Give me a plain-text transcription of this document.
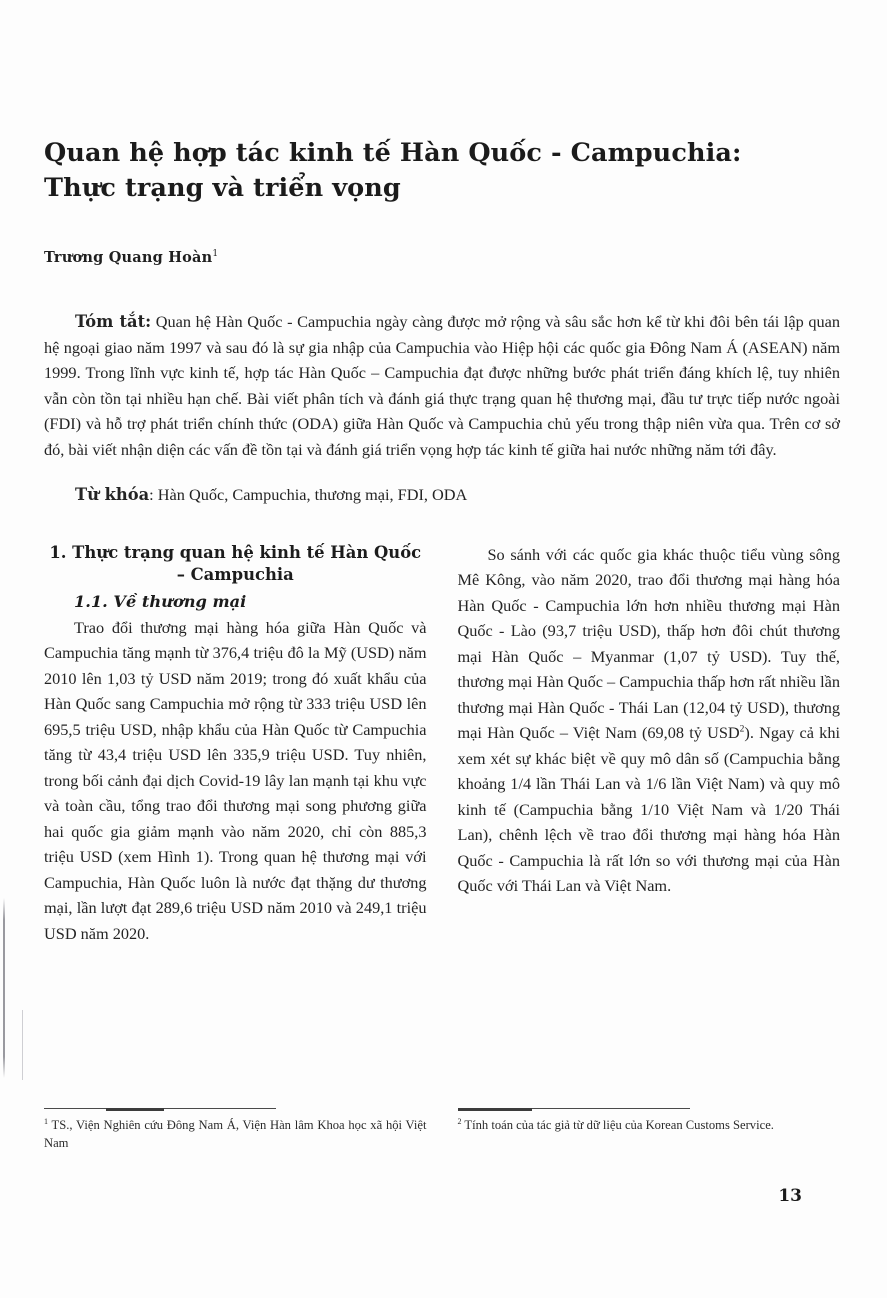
Quan hệ hợp tác kinh tế Hàn Quốc - Campuchia:
Thực trạng và triển vọng

Trương Quang Hoàn$^1$

Tóm tắt: Quan hệ Hàn Quốc - Campuchia ngày càng được mở rộng và sâu sắc hơn kể từ khi đôi bên tái lập quan hệ ngoại giao năm 1997 và sau đó là sự gia nhập của Campuchia vào Hiệp hội các quốc gia Đông Nam Á (ASEAN) năm 1999. Trong lĩnh vực kinh tế, hợp tác Hàn Quốc – Campuchia đạt được những bước phát triển đáng khích lệ, tuy nhiên vẫn còn tồn tại nhiều hạn chế. Bài viết phân tích và đánh giá thực trạng quan hệ thương mại, đầu tư trực tiếp nước ngoài (FDI) và hỗ trợ phát triển chính thức (ODA) giữa Hàn Quốc và Campuchia chủ yếu trong thập niên vừa qua. Trên cơ sở đó, bài viết nhận diện các vấn đề tồn tại và đánh giá triển vọng hợp tác kinh tế giữa hai nước những năm tới đây.

Từ khóa: Hàn Quốc, Campuchia, thương mại, FDI, ODA

1. Thực trạng quan hệ kinh tế Hàn Quốc
– Campuchia
1.1. Về thương mại

Trao đổi thương mại hàng hóa giữa Hàn Quốc và Campuchia tăng mạnh từ 376,4 triệu đô la Mỹ (USD) năm 2010 lên 1,03 tỷ USD năm 2019; trong đó xuất khẩu của Hàn Quốc sang Campuchia mở rộng từ 333 triệu USD lên 695,5 triệu USD, nhập khẩu của Hàn Quốc từ Campuchia tăng từ 43,4 triệu USD lên 335,9 triệu USD. Tuy nhiên, trong bối cảnh đại dịch Covid-19 lây lan mạnh tại khu vực và toàn cầu, tổng trao đổi thương mại song phương giữa hai quốc gia giảm mạnh vào năm 2020, chỉ còn 885,3 triệu USD (xem Hình 1). Trong quan hệ thương mại với Campuchia, Hàn Quốc luôn là nước đạt thặng dư thương mại, lần lượt đạt 289,6 triệu USD năm 2010 và 249,1 triệu USD năm 2020.

So sánh với các quốc gia khác thuộc tiểu vùng sông Mê Kông, vào năm 2020, trao đổi thương mại hàng hóa Hàn Quốc - Campuchia lớn hơn nhiều thương mại Hàn Quốc - Lào (93,7 triệu USD), thấp hơn đôi chút thương mại Hàn Quốc – Myanmar (1,07 tỷ USD). Tuy thế, thương mại Hàn Quốc – Campuchia thấp hơn rất nhiều lần thương mại Hàn Quốc - Thái Lan (12,04 tỷ USD), thương mại Hàn Quốc – Việt Nam (69,08 tỷ USD$^2$). Ngay cả khi xem xét sự khác biệt về quy mô dân số (Campuchia bằng khoảng 1/4 lần Thái Lan và 1/6 lần Việt Nam) và quy mô kinh tế (Campuchia bằng 1/10 Việt Nam và 1/20 Thái Lan), chênh lệch về trao đổi thương mại hàng hóa Hàn Quốc - Campuchia là rất lớn so với thương mại của Hàn Quốc với Thái Lan và Việt Nam.

$^1$ TS., Viện Nghiên cứu Đông Nam Á, Viện Hàn lâm Khoa học xã hội Việt Nam

$^2$ Tính toán của tác giả từ dữ liệu của Korean Customs Service.

13
